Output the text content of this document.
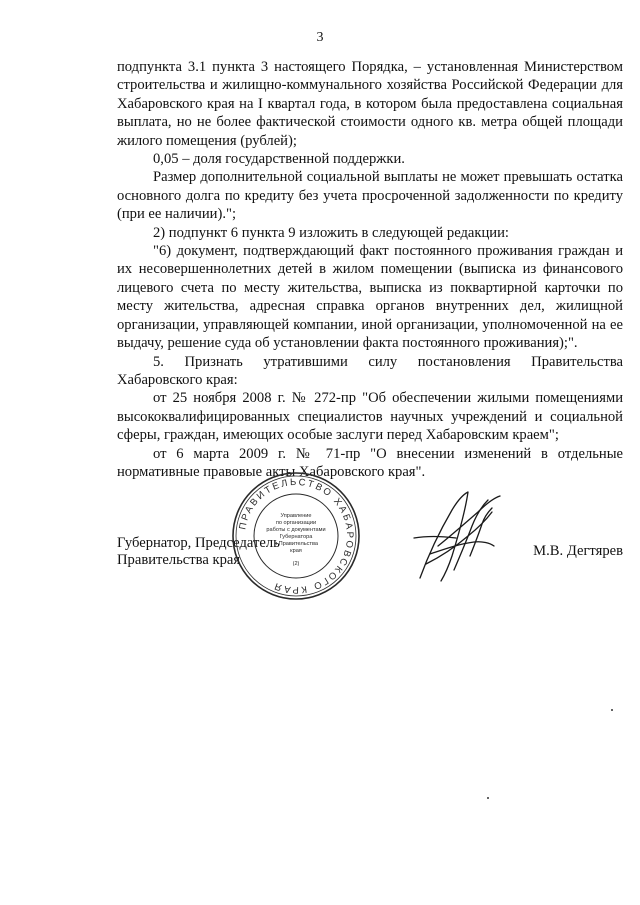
3

подпункта 3.1 пункта 3 настоящего Порядка, – установленная Министерством строительства и жилищно-коммунального хозяйства Российской Федерации для Хабаровского края на I квартал года, в котором была предоставлена социальная выплата, но не более фактической стоимости одного кв. метра общей площади жилого помещения (рублей);

0,05 – доля государственной поддержки.

Размер дополнительной социальной выплаты не может превышать остатка основного долга по кредиту без учета просроченной задолженности по кредиту (при ее наличии).";

2) подпункт 6 пункта 9 изложить в следующей редакции:

"6) документ, подтверждающий факт постоянного проживания граждан и их несовершеннолетних детей в жилом помещении (выписка из финансового лицевого счета по месту жительства, выписка из поквартирной карточки по месту жительства, адресная справка органов внутренних дел, жилищной организации, управляющей компании, иной организации, уполномоченной на ее выдачу, решение суда об установлении факта постоянного проживания);".

5. Признать утратившими силу постановления Правительства Хабаровского края:

от 25 ноября 2008 г. № 272-пр "Об обеспечении жилыми помещениями высококвалифицированных специалистов научных учреждений и социальной сферы, граждан, имеющих особые заслуги перед Хабаровским краем";

от 6 марта 2009 г. № 71-пр "О внесении изменений в отдельные нормативные правовые акты Хабаровского края".

Губернатор, Председатель
Правительства края
М.В. Дегтярев
ПРАВИТЕЛЬСТВО ХАБАРОВСКОГО КРАЯ
Управление
по организации
работы с документами
Губернатора
и Правительства
края
(2)
